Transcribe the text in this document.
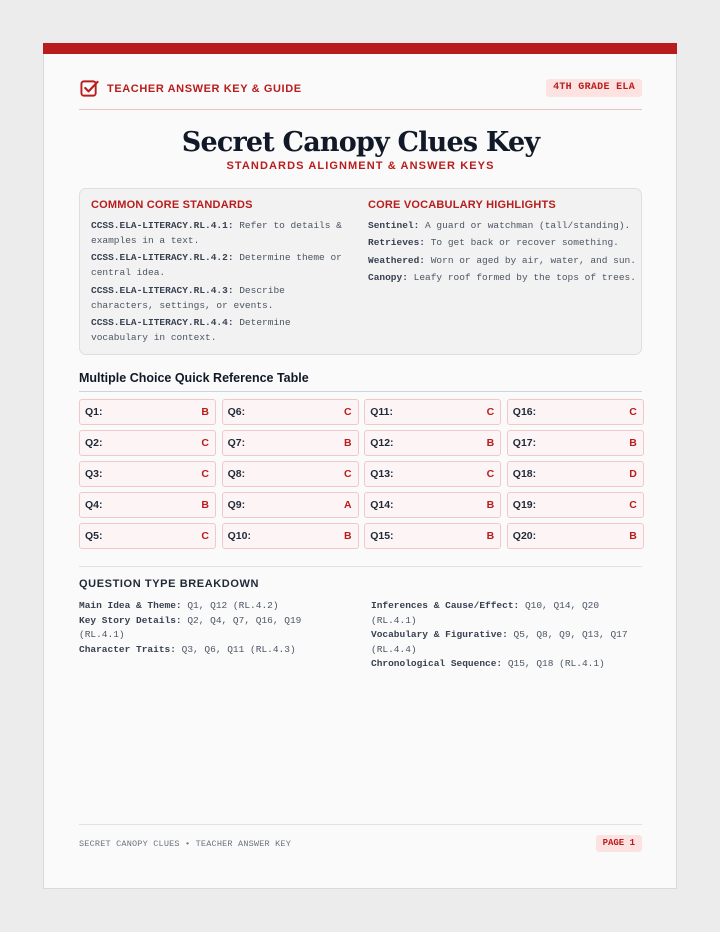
TEACHER ANSWER KEY & GUIDE	4TH GRADE ELA
Secret Canopy Clues Key
STANDARDS ALIGNMENT & ANSWER KEYS
COMMON CORE STANDARDS
CCSS.ELA-LITERACY.RL.4.1: Refer to details & examples in a text.
CCSS.ELA-LITERACY.RL.4.2: Determine theme or central idea.
CCSS.ELA-LITERACY.RL.4.3: Describe characters, settings, or events.
CCSS.ELA-LITERACY.RL.4.4: Determine vocabulary in context.
CORE VOCABULARY HIGHLIGHTS
Sentinel: A guard or watchman (tall/standing).
Retrieves: To get back or recover something.
Weathered: Worn or aged by air, water, and sun.
Canopy: Leafy roof formed by the tops of trees.
Multiple Choice Quick Reference Table
Q1:	B Q6:	C Q11:	C Q16:	C
Q2:	C Q7:	B Q12:	B Q17:	B
Q3:	C Q8:	C Q13:	C Q18:	D
Q4:	B Q9:	A Q14:	B Q19:	C
Q5:	C Q10:	B Q15:	B Q20:	B
QUESTION TYPE BREAKDOWN
Main Idea & Theme: Q1, Q12 (RL.4.2)
Key Story Details: Q2, Q4, Q7, Q16, Q19 (RL.4.1)
Character Traits: Q3, Q6, Q11 (RL.4.3)
Inferences & Cause/Effect: Q10, Q14, Q20 (RL.4.1)
Vocabulary & Figurative: Q5, Q8, Q9, Q13, Q17 (RL.4.4)
Chronological Sequence: Q15, Q18 (RL.4.1)
SECRET CANOPY CLUES • TEACHER ANSWER KEY	PAGE 1
